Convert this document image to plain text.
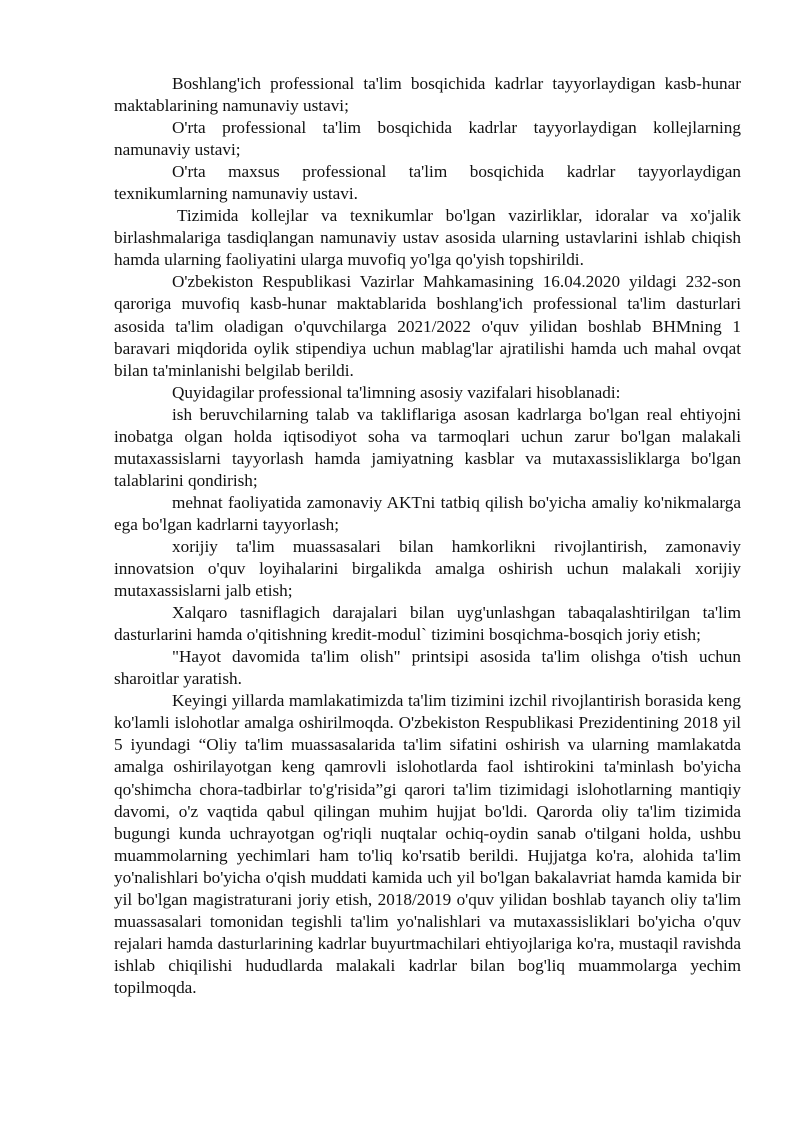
Boshlang'ich professional ta'lim bosqichida kadrlar tayyorlaydigan kasb-hunar maktablarining namunaviy ustavi;

O'rta professional ta'lim bosqichida kadrlar tayyorlaydigan kollejlarning namunaviy ustavi;

O'rta maxsus professional ta'lim bosqichida kadrlar tayyorlaydigan texnikumlarning namunaviy ustavi.

Tizimida kollejlar va texnikumlar bo'lgan vazirliklar, idoralar va xo'jalik birlashmalariga tasdiqlangan namunaviy ustav asosida ularning ustavlarini ishlab chiqish hamda ularning faoliyatini ularga muvofiq yo'lga qo'yish topshirildi.

O'zbekiston Respublikasi Vazirlar Mahkamasining 16.04.2020 yildagi 232-son qaroriga muvofiq kasb-hunar maktablarida boshlang'ich professional ta'lim dasturlari asosida ta'lim oladigan o'quvchilarga 2021/2022 o'quv yilidan boshlab BHMning 1 baravari miqdorida oylik stipendiya uchun mablag'lar ajratilishi hamda uch mahal ovqat bilan ta'minlanishi belgilab berildi.

Quyidagilar professional ta'limning asosiy vazifalari hisoblanadi:

ish beruvchilarning talab va takliflariga asosan kadrlarga bo'lgan real ehtiyojni inobatga olgan holda iqtisodiyot soha va tarmoqlari uchun zarur bo'lgan malakali mutaxassislarni tayyorlash hamda jamiyatning kasblar va mutaxassisliklarga bo'lgan talablarini qondirish;

mehnat faoliyatida zamonaviy AKTni tatbiq qilish bo'yicha amaliy ko'nikmalarga ega bo'lgan kadrlarni tayyorlash;

xorijiy ta'lim muassasalari bilan hamkorlikni rivojlantirish, zamonaviy innovatsion o'quv loyihalarini birgalikda amalga oshirish uchun malakali xorijiy mutaxassislarni jalb etish;

Xalqaro tasniflagich darajalari bilan uyg'unlashgan tabaqalashtirilgan ta'lim dasturlarini hamda o'qitishning kredit-modul` tizimini bosqichma-bosqich joriy etish;

"Hayot davomida ta'lim olish" printsipi asosida ta'lim olishga o'tish uchun sharoitlar yaratish.

Keyingi yillarda mamlakatimizda ta'lim tizimini izchil rivojlantirish borasida keng ko'lamli islohotlar amalga oshirilmoqda. O'zbekiston Respublikasi Prezidentining 2018 yil 5 iyundagi “Oliy ta'lim muassasalarida ta'lim sifatini oshirish va ularning mamlakatda amalga oshirilayotgan keng qamrovli islohotlarda faol ishtirokini ta'minlash bo'yicha qo'shimcha chora-tadbirlar to'g'risida”gi qarori ta'lim tizimidagi islohotlarning mantiqiy davomi, o'z vaqtida qabul qilingan muhim hujjat bo'ldi. Qarorda oliy ta'lim tizimida bugungi kunda uchrayotgan og'riqli nuqtalar ochiq-oydin sanab o'tilgani holda, ushbu muammolarning yechimlari ham to'liq ko'rsatib berildi. Hujjatga ko'ra, alohida ta'lim yo'nalishlari bo'yicha o'qish muddati kamida uch yil bo'lgan bakalavriat hamda kamida bir yil bo'lgan magistraturani joriy etish, 2018/2019 o'quv yilidan boshlab tayanch oliy ta'lim muassasalari tomonidan tegishli ta'lim yo'nalishlari va mutaxassisliklari bo'yicha o'quv rejalari hamda dasturlarining kadrlar buyurtmachilari ehtiyojlariga ko'ra, mustaqil ravishda ishlab chiqilishi hududlarda malakali kadrlar bilan bog'liq muammolarga yechim topilmoqda.
